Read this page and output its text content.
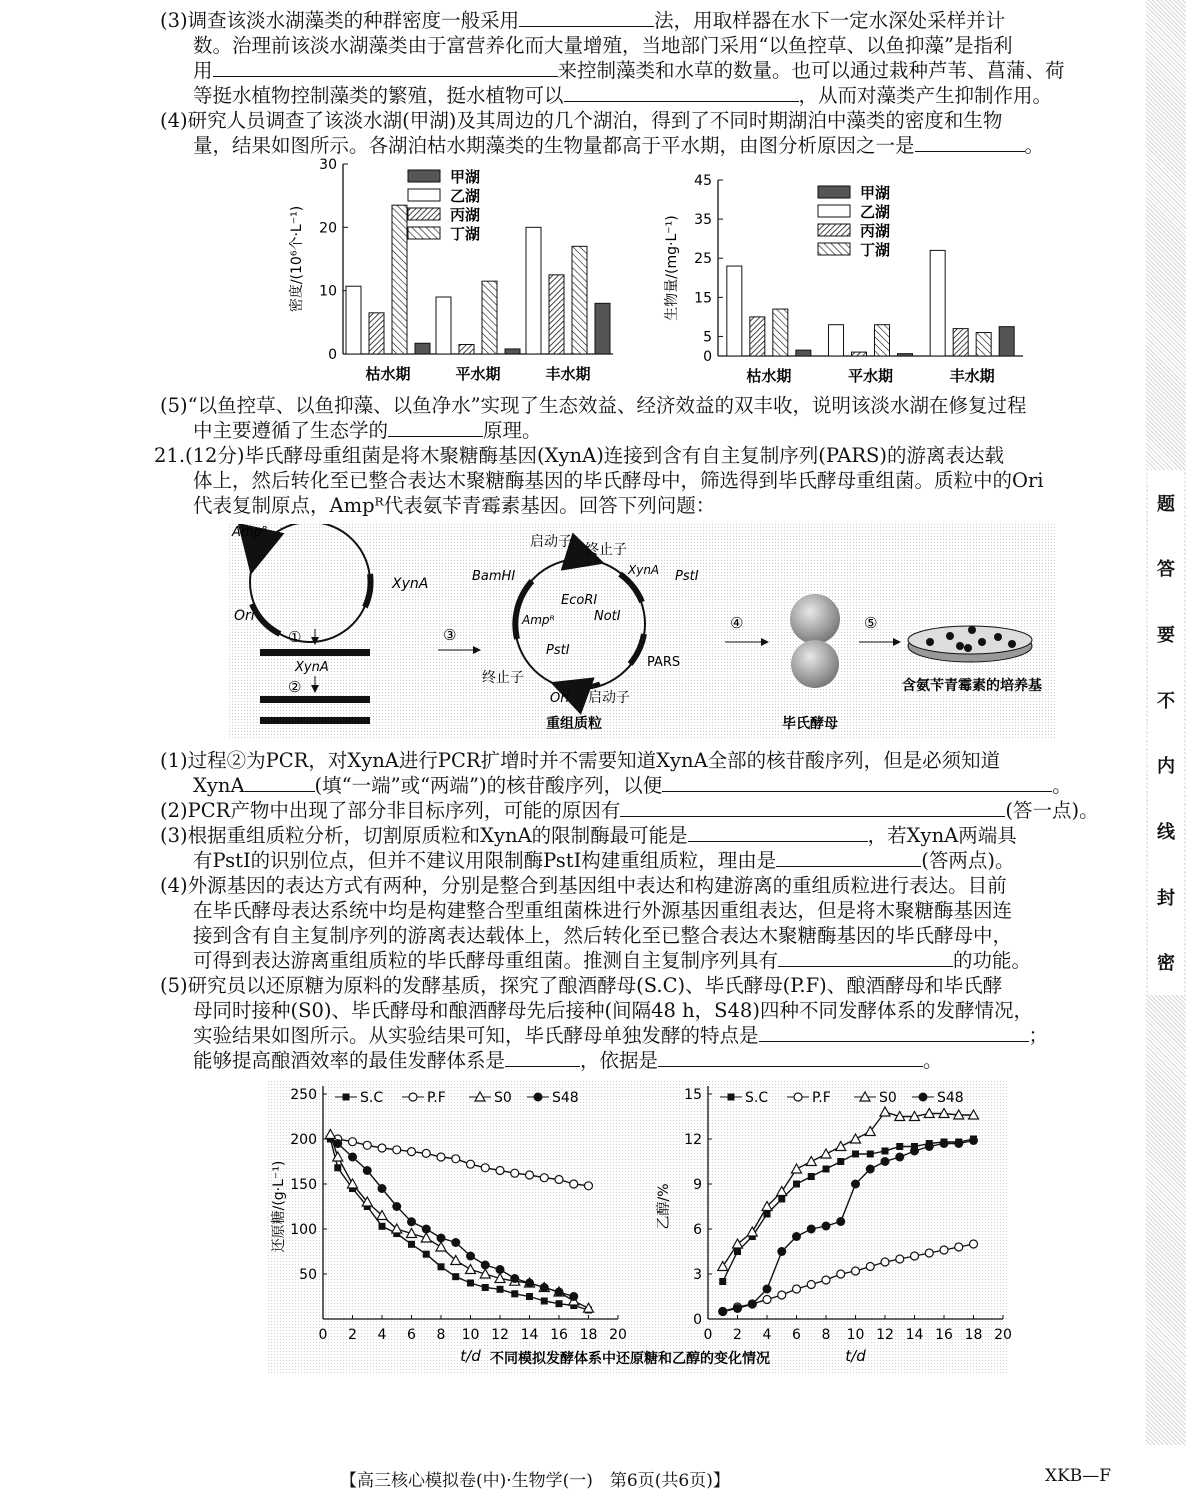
题
答
要
不
内
线
封
密

(3)调查该淡水湖藻类的种群密度一般采用	法，用取样器在水下一定水深处采样并计

数。治理前该淡水湖藻类由于富营养化而大量增殖，当地部门采用“以鱼控草、以鱼抑藻”是指利

用	来控制藻类和水草的数量。也可以通过栽种芦苇、菖蒲、荷

等挺水植物控制藻类的繁殖，挺水植物可以	，从而对藻类产生抑制作用。

(4)研究人员调查了该淡水湖(甲湖)及其周边的几个湖泊，得到了不同时期湖泊中藻类的密度和生物

量，结果如图所示。各湖泊枯水期藻类的生物量都高于平水期，由图分析原因之一是	。

0
10
20
30
密度/(10⁶个·L⁻¹)
枯水期	平水期	丰水期
甲湖
乙湖
丙湖
丁湖
0
5
15
25
35
45
生物量/(mg·L⁻¹)
枯水期	平水期	丰水期
甲湖
乙湖
丙湖
丁湖

(5)“以鱼控草、以鱼抑藻、以鱼净水”实现了生态效益、经济效益的双丰收，说明该淡水湖在修复过程

中主要遵循了生态学的	原理。

21.(12分)毕氏酵母重组菌是将木聚糖酶基因(XynA)连接到含有自主复制序列(PARS)的游离表达载

体上，然后转化至已整合表达木聚糖酶基因的毕氏酵母中，筛选得到毕氏酵母重组菌。质粒中的Ori

代表复制原点，Ampᴿ代表氨苄青霉素基因。回答下列问题：

Ampᴿ
XynA
Ori
①
XynA
②
③
启动子 终止子
XynA PstⅠ
BamHⅠ
EcoRⅠ
NotⅠ
Ampᴿ
PstⅠ
PARS
终止子
Ori 启动子
重组质粒
④
毕氏酵母
⑤
含氨苄青霉素的培养基

(1)过程②为PCR，对XynA进行PCR扩增时并不需要知道XynA全部的核苷酸序列，但是必须知道

XynA	(填“一端”或“两端”)的核苷酸序列，以便	。

(2)PCR产物中出现了部分非目标序列，可能的原因有	(答一点)。

(3)根据重组质粒分析，切割原质粒和XynA的限制酶最可能是	，若XynA两端具

有PstⅠ的识别位点，但并不建议用限制酶PstⅠ构建重组质粒，理由是	(答两点)。

(4)外源基因的表达方式有两种，分别是整合到基因组中表达和构建游离的重组质粒进行表达。目前

在毕氏酵母表达系统中均是构建整合型重组菌株进行外源基因重组表达，但是将木聚糖酶基因连

接到含有自主复制序列的游离表达载体上，然后转化至已整合表达木聚糖酶基因的毕氏酵母中，

可得到表达游离重组质粒的毕氏酵母重组菌。推测自主复制序列具有	的功能。

(5)研究员以还原糖为原料的发酵基质，探究了酿酒酵母(S.C)、毕氏酵母(P.F)、酿酒酵母和毕氏酵

母同时接种(S0)、毕氏酵母和酿酒酵母先后接种(间隔48 h，S48)四种不同发酵体系的发酵情况，

实验结果如图所示。从实验结果可知，毕氏酵母单独发酵的特点是	；

能够提高酿酒效率的最佳发酵体系是	，依据是	。

不同模拟发酵体系中还原糖和乙醇的变化情况
0 2 4 6 8 10 12 14 16 18 20
50
100
150
200
250
t/d
还原糖/(g·L⁻¹)
S.C	P.F	S0	S48
0 2 4 6 8 10 12 14 16 18 20
0
3
6
9
12
15
t/d
乙醇/%
S.C	P.F	S0	S48
【高三核心模拟卷(中)·生物学(一)　第6页(共6页)】	XKB—F
